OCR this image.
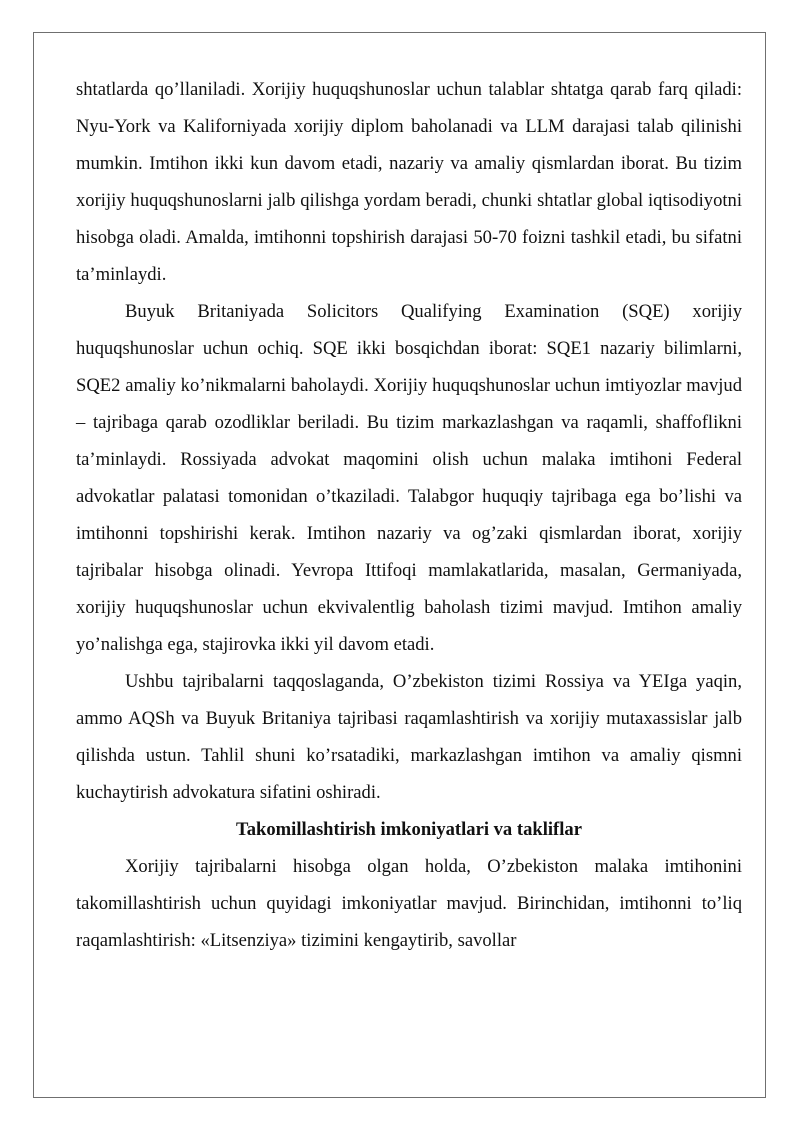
shtatlarda qo’llaniladi. Xorijiy huquqshunoslar uchun talablar shtatga qarab farq qiladi: Nyu-York va Kaliforniyada xorijiy diplom baholanadi va LLM darajasi talab qilinishi mumkin. Imtihon ikki kun davom etadi, nazariy va amaliy qismlardan iborat. Bu tizim xorijiy huquqshunoslarni jalb qilishga yordam beradi, chunki shtatlar global iqtisodiyotni hisobga oladi. Amalda, imtihonni topshirish darajasi 50-70 foizni tashkil etadi, bu sifatni ta’minlaydi.

Buyuk Britaniyada Solicitors Qualifying Examination (SQE) xorijiy huquqshunoslar uchun ochiq. SQE ikki bosqichdan iborat: SQE1 nazariy bilimlarni, SQE2 amaliy ko’nikmalarni baholaydi. Xorijiy huquqshunoslar uchun imtiyozlar mavjud – tajribaga qarab ozodliklar beriladi. Bu tizim markazlashgan va raqamli, shaffoflikni ta’minlaydi. Rossiyada advokat maqomini olish uchun malaka imtihoni Federal advokatlar palatasi tomonidan o’tkaziladi. Talabgor huquqiy tajribaga ega bo’lishi va imtihonni topshirishi kerak. Imtihon nazariy va og’zaki qismlardan iborat, xorijiy tajribalar hisobga olinadi. Yevropa Ittifoqi mamlakatlarida, masalan, Germaniyada, xorijiy huquqshunoslar uchun ekvivalentlig baholash tizimi mavjud. Imtihon amaliy yo’nalishga ega, stajirovka ikki yil davom etadi.

Ushbu tajribalarni taqqoslaganda, O’zbekiston tizimi Rossiya va YEIga yaqin, ammo AQSh va Buyuk Britaniya tajribasi raqamlashtirish va xorijiy mutaxassislar jalb qilishda ustun. Tahlil shuni ko’rsatadiki, markazlashgan imtihon va amaliy qismni kuchaytirish advokatura sifatini oshiradi.

Takomillashtirish imkoniyatlari va takliflar

Xorijiy tajribalarni hisobga olgan holda, O’zbekiston malaka imtihonini takomillashtirish uchun quyidagi imkoniyatlar mavjud. Birinchidan, imtihonni to’liq raqamlashtirish: «Litsenziya» tizimini kengaytirib, savollar
